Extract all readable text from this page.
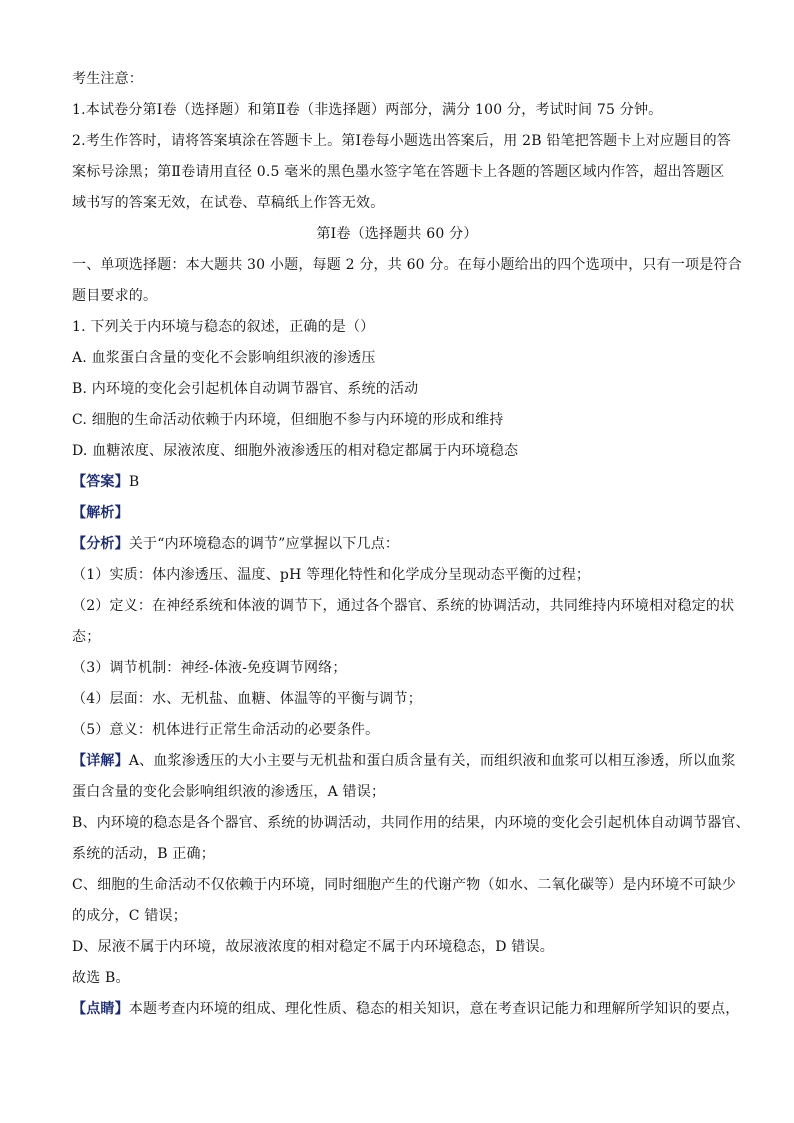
考生注意：
1.本试卷分第Ⅰ卷（选择题）和第Ⅱ卷（非选择题）两部分，满分 100 分，考试时间 75 分钟。
2.考生作答时，请将答案填涂在答题卡上。第Ⅰ卷每小题选出答案后，用 2B 铅笔把答题卡上对应题目的答
案标号涂黑；第Ⅱ卷请用直径 0.5 毫米的黑色墨水签字笔在答题卡上各题的答题区域内作答，超出答题区
域书写的答案无效，在试卷、草稿纸上作答无效。
第Ⅰ卷（选择题共 60 分）
一、单项选择题：本大题共 30 小题，每题 2 分，共 60 分。在每小题给出的四个选项中，只有一项是符合
题目要求的。
1. 下列关于内环境与稳态的叙述，正确的是（）
A. 血浆蛋白含量的变化不会影响组织液的渗透压
B. 内环境的变化会引起机体自动调节器官、系统的活动
C. 细胞的生命活动依赖于内环境，但细胞不参与内环境的形成和维持
D. 血糖浓度、尿液浓度、细胞外液渗透压的相对稳定都属于内环境稳态
【答案】B
【解析】
【分析】关于“内环境稳态的调节”应掌握以下几点：
（1）实质：体内渗透压、温度、pH 等理化特性和化学成分呈现动态平衡的过程；
（2）定义：在神经系统和体液的调节下，通过各个器官、系统的协调活动，共同维持内环境相对稳定的状
态；
（3）调节机制：神经-体液-免疫调节网络；
（4）层面：水、无机盐、血糖、体温等的平衡与调节；
（5）意义：机体进行正常生命活动的必要条件。
【详解】A、血浆渗透压的大小主要与无机盐和蛋白质含量有关，而组织液和血浆可以相互渗透，所以血浆
蛋白含量的变化会影响组织液的渗透压，A 错误；
B、内环境的稳态是各个器官、系统的协调活动，共同作用的结果，内环境的变化会引起机体自动调节器官、
系统的活动，B 正确；
C、细胞的生命活动不仅依赖于内环境，同时细胞产生的代谢产物（如水、二氧化碳等）是内环境不可缺少
的成分，C 错误；
D、尿液不属于内环境，故尿液浓度的相对稳定不属于内环境稳态，D 错误。
故选 B。
【点睛】本题考查内环境的组成、理化性质、稳态的相关知识，意在考查识记能力和理解所学知识的要点，
